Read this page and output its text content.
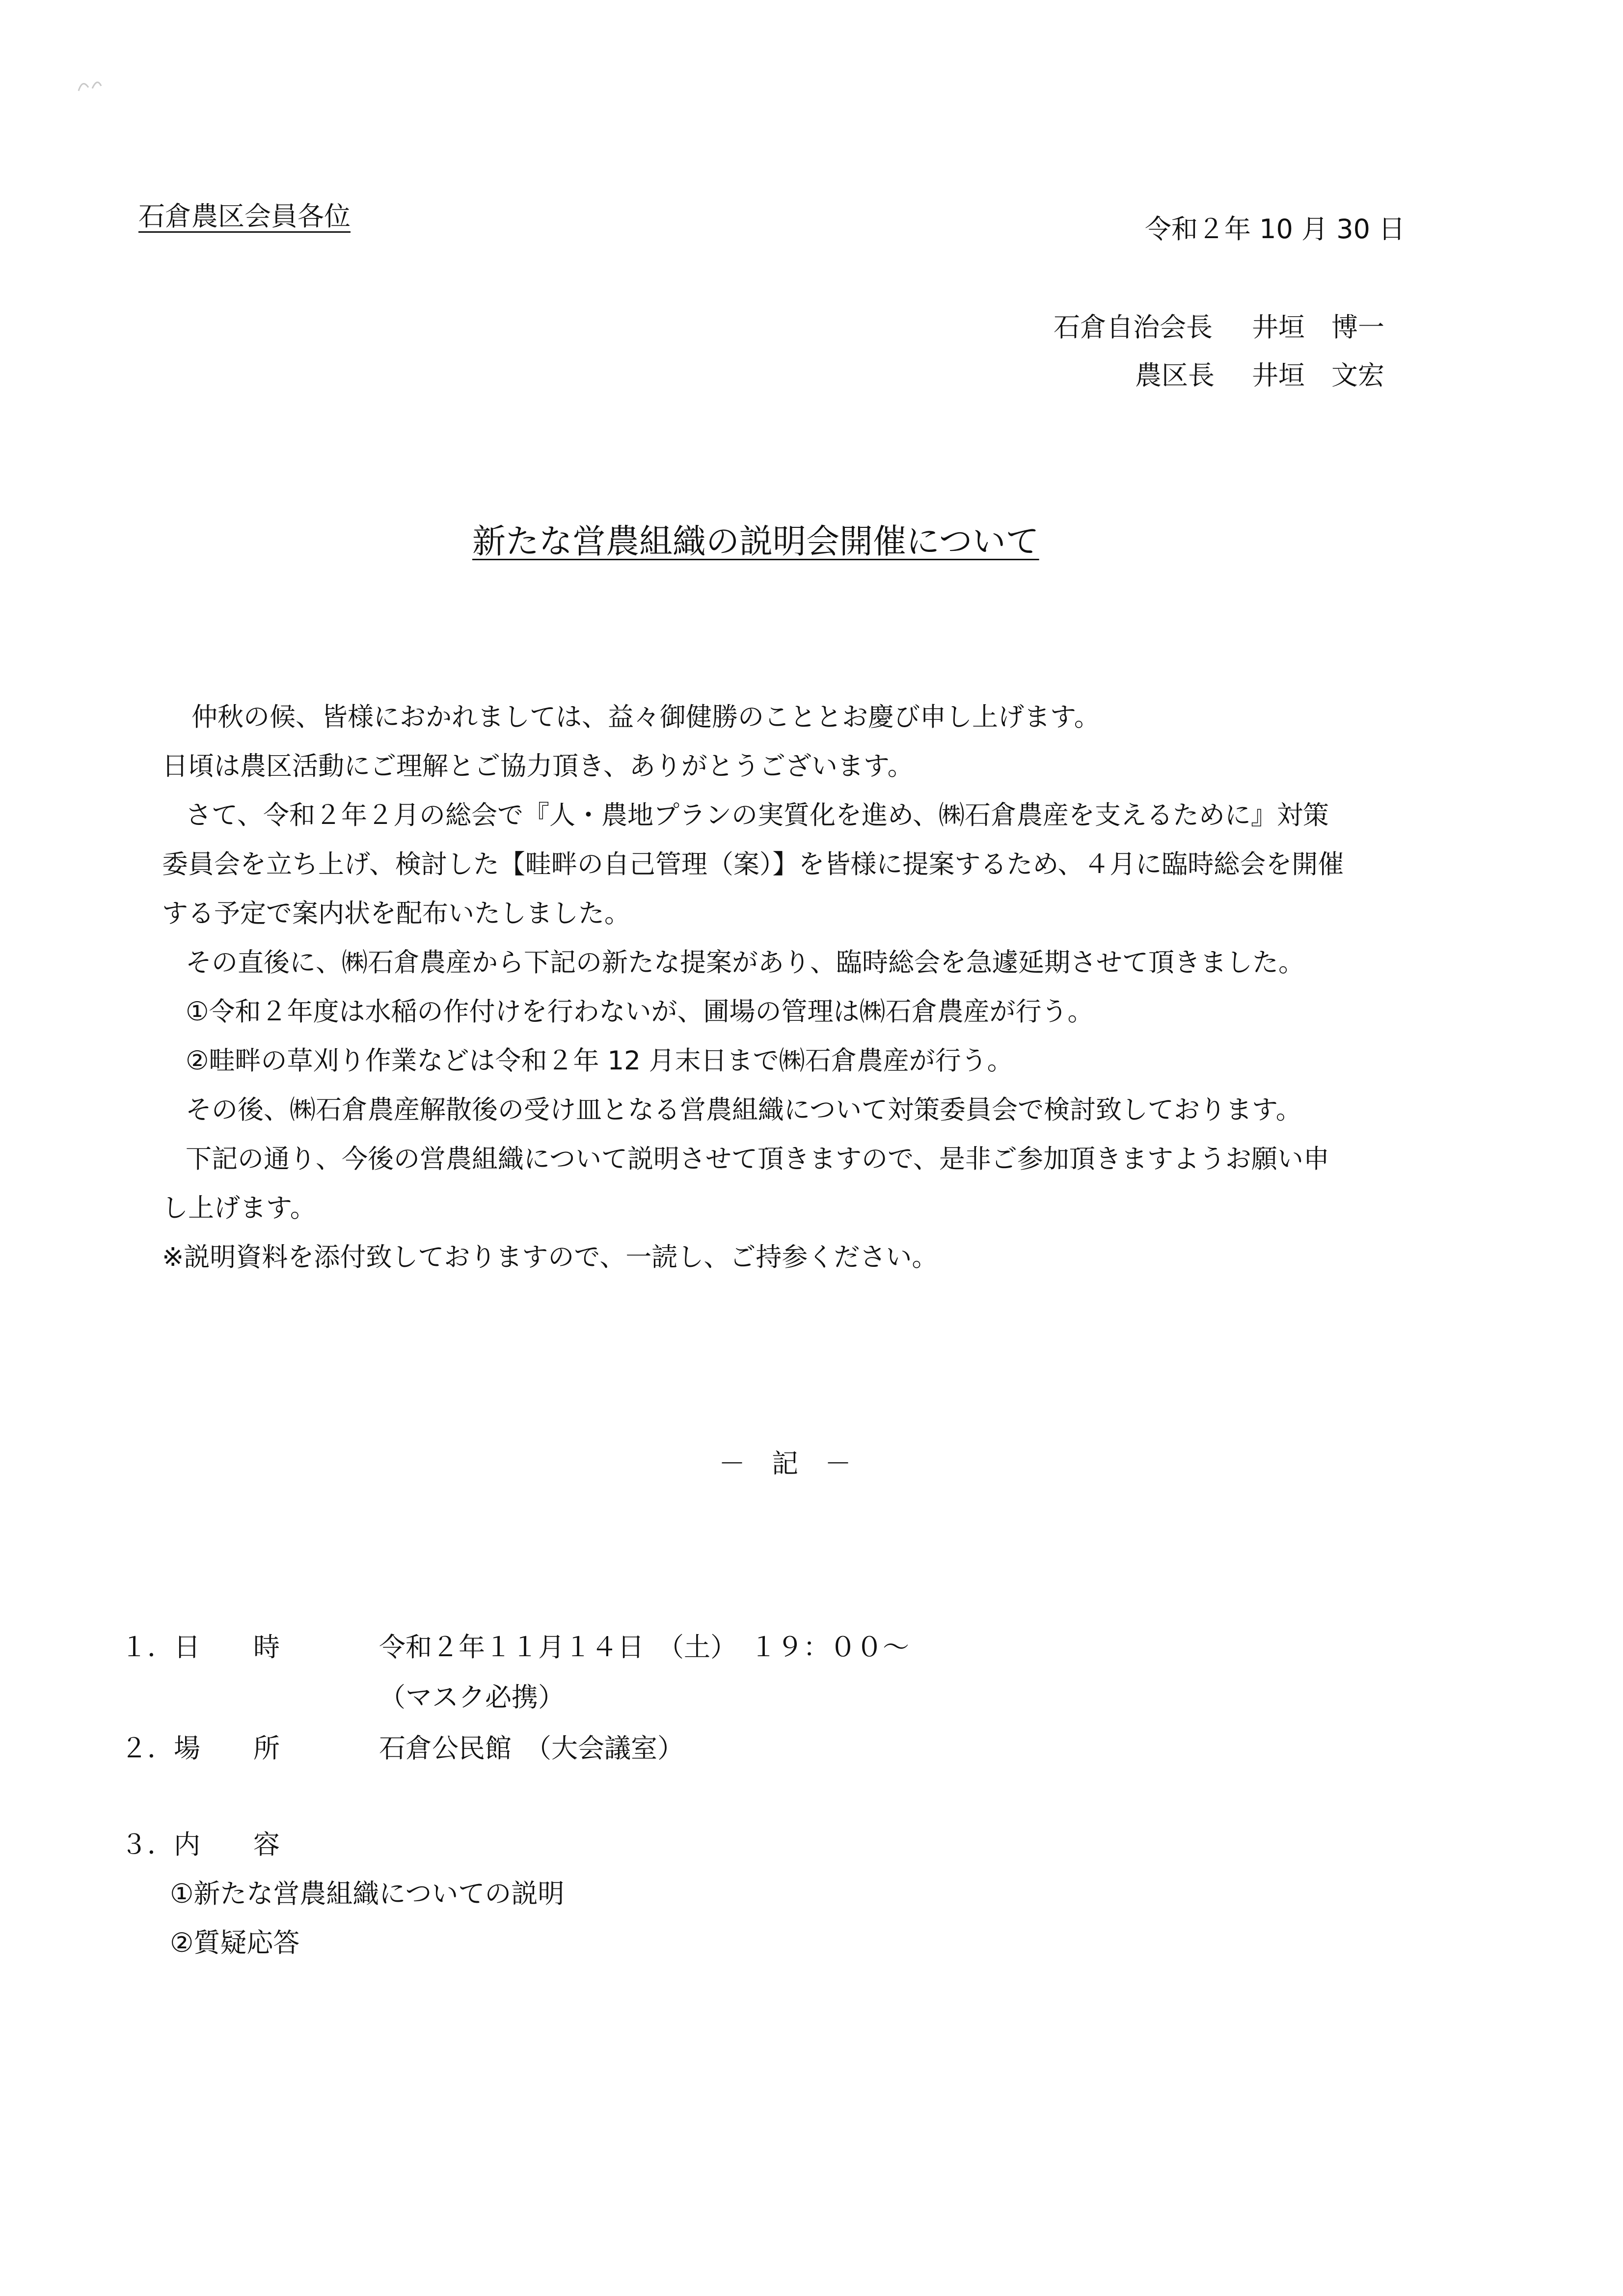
石倉農区会員各位	令和２年 10 月 30 日
石倉自治会長 井垣　博一
農区長 井垣　文宏
新たな営農組織の説明会開催について
仲秋の候、皆様におかれましては、益々御健勝のこととお慶び申し上げます。
日頃は農区活動にご理解とご協力頂き、ありがとうございます。
さて、令和２年２月の総会で『人・農地プランの実質化を進め、㈱石倉農産を支えるために』対策
委員会を立ち上げ、検討した【畦畔の自己管理（案）】を皆様に提案するため、４月に臨時総会を開催
する予定で案内状を配布いたしました。
その直後に、㈱石倉農産から下記の新たな提案があり、臨時総会を急遽延期させて頂きました。
①令和２年度は水稲の作付けを行わないが、圃場の管理は㈱石倉農産が行う。
②畦畔の草刈り作業などは令和２年 12 月末日まで㈱石倉農産が行う。
その後、㈱石倉農産解散後の受け皿となる営農組織について対策委員会で検討致しております。
下記の通り、今後の営農組織について説明させて頂きますので、是非ご参加頂きますようお願い申
し上げます。
※説明資料を添付致しておりますので、一読し、ご持参ください。
－　記　－
１．日　　時	令和２年１１月１４日　（土）　１９：００～
（マスク必携）
２．場　　所	石倉公民館　（大会議室）
３．内　　容
①新たな営農組織についての説明
②質疑応答
